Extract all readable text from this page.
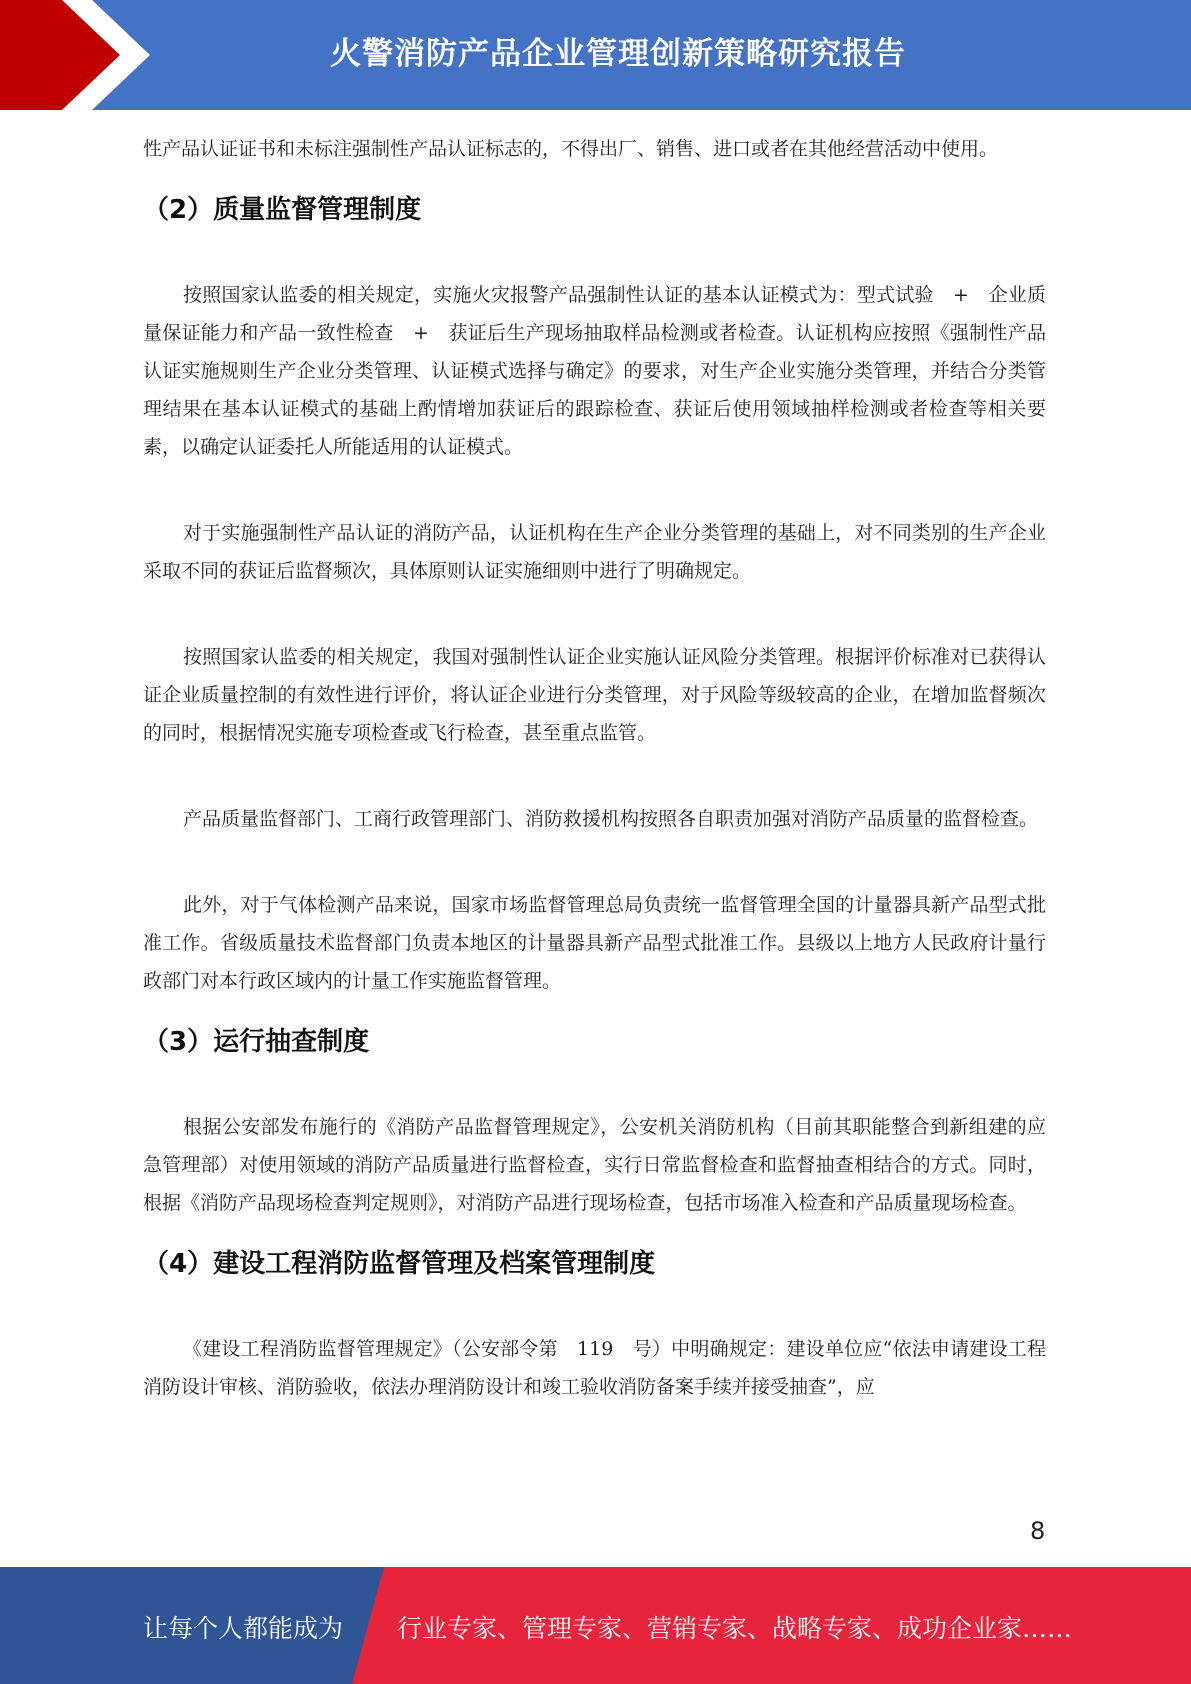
火警消防产品企业管理创新策略研究报告

性产品认证证书和未标注强制性产品认证标志的，不得出厂、销售、进口或者在其他经营活动中使用。

（2）质量监督管理制度

按照国家认监委的相关规定，实施火灾报警产品强制性认证的基本认证模式为：型式试验　+　企业质量保证能力和产品一致性检查　+　获证后生产现场抽取样品检测或者检查。认证机构应按照《强制性产品认证实施规则生产企业分类管理、认证模式选择与确定》的要求，对生产企业实施分类管理，并结合分类管理结果在基本认证模式的基础上酌情增加获证后的跟踪检查、获证后使用领域抽样检测或者检查等相关要素，以确定认证委托人所能适用的认证模式。

对于实施强制性产品认证的消防产品，认证机构在生产企业分类管理的基础上，对不同类别的生产企业采取不同的获证后监督频次，具体原则认证实施细则中进行了明确规定。

按照国家认监委的相关规定，我国对强制性认证企业实施认证风险分类管理。根据评价标准对已获得认证企业质量控制的有效性进行评价，将认证企业进行分类管理，对于风险等级较高的企业，在增加监督频次的同时，根据情况实施专项检查或飞行检查，甚至重点监管。

产品质量监督部门、工商行政管理部门、消防救援机构按照各自职责加强对消防产品质量的监督检查。

此外，对于气体检测产品来说，国家市场监督管理总局负责统一监督管理全国的计量器具新产品型式批准工作。省级质量技术监督部门负责本地区的计量器具新产品型式批准工作。县级以上地方人民政府计量行政部门对本行政区域内的计量工作实施监督管理。

（3）运行抽查制度

根据公安部发布施行的《消防产品监督管理规定》，公安机关消防机构（目前其职能整合到新组建的应急管理部）对使用领域的消防产品质量进行监督检查，实行日常监督检查和监督抽查相结合的方式。同时，根据《消防产品现场检查判定规则》，对消防产品进行现场检查，包括市场准入检查和产品质量现场检查。

（4）建设工程消防监督管理及档案管理制度

《建设工程消防监督管理规定》（公安部令第　119　号）中明确规定：建设单位应“依法申请建设工程消防设计审核、消防验收，依法办理消防设计和竣工验收消防备案手续并接受抽查”，应

8
让每个人都能成为 行业专家、管理专家、营销专家、战略专家、成功企业家……
